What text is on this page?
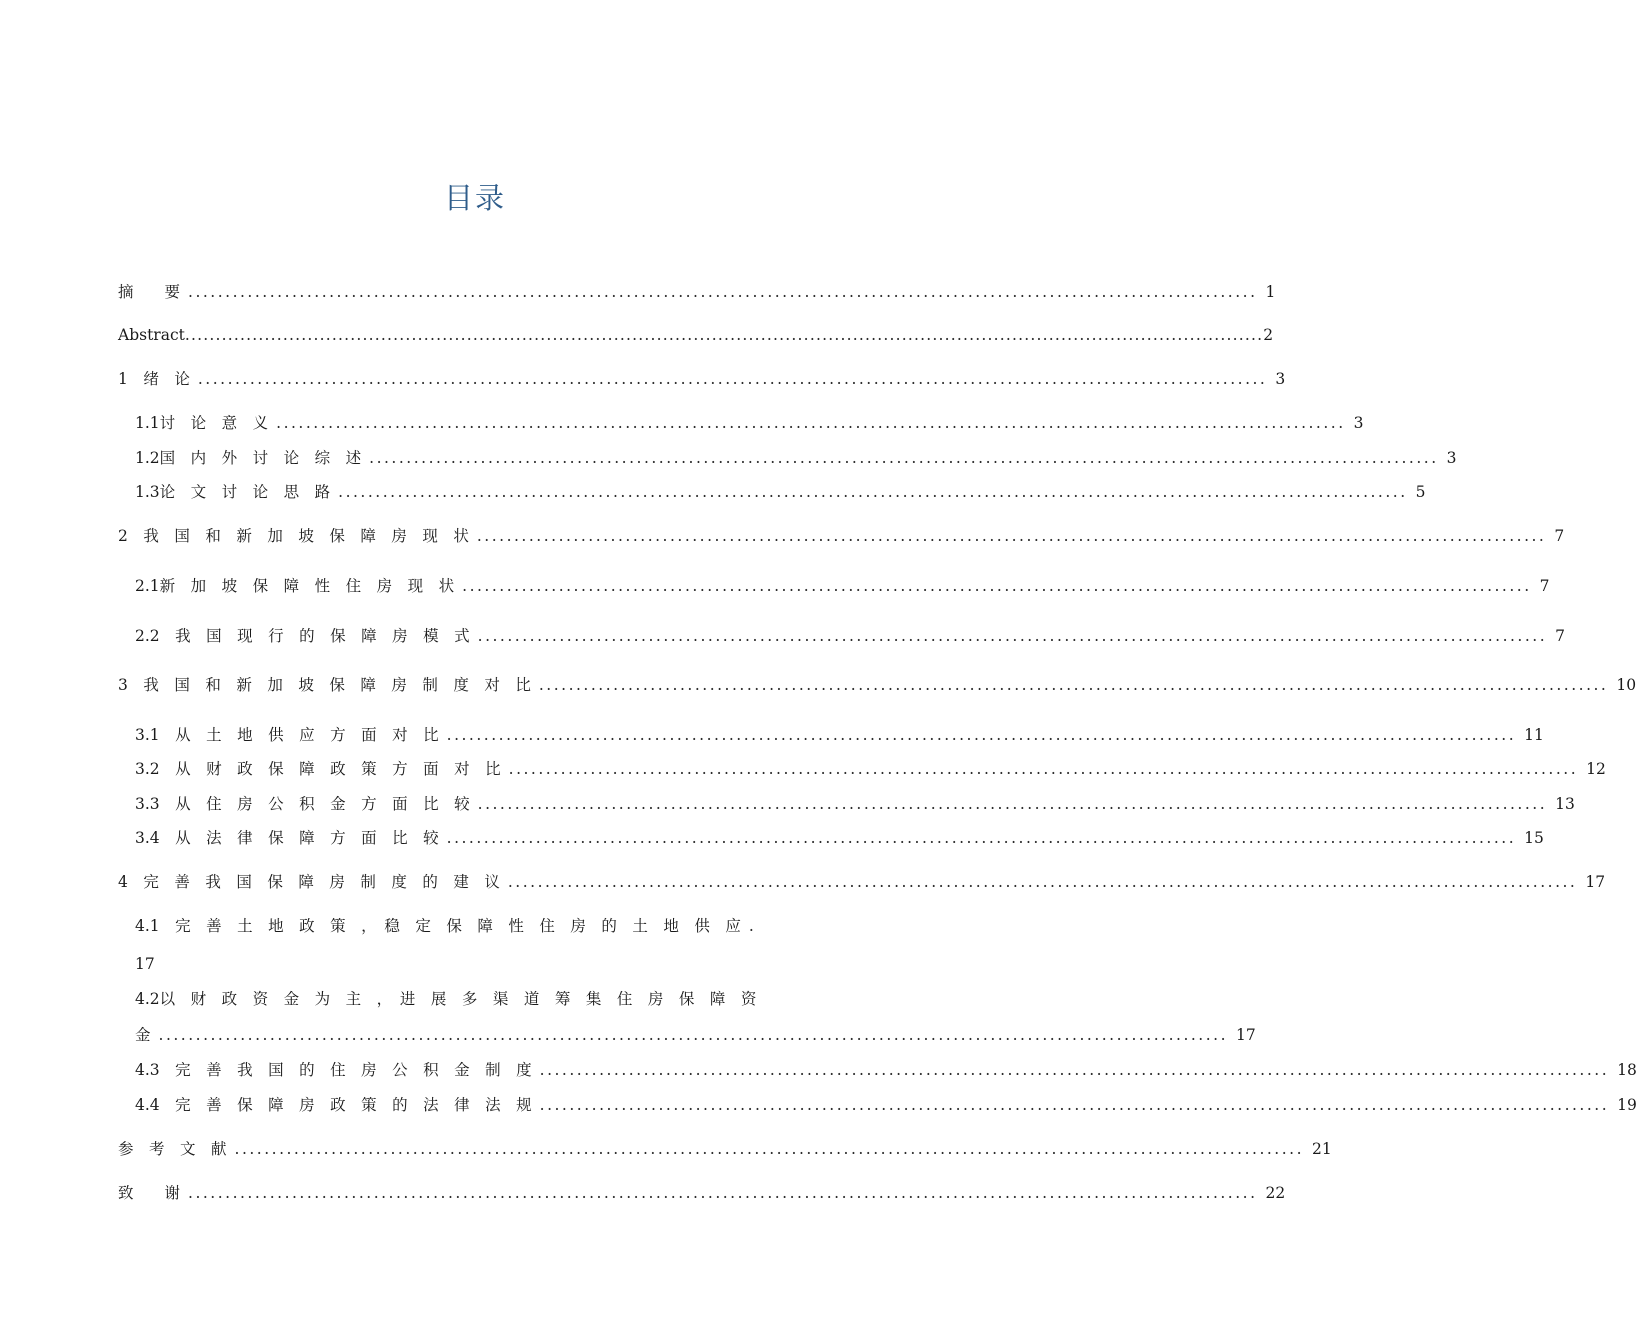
目录
摘　　要 ................................................................................................................................................ 1
Abstract ................................................................................................................................................................................ 2
1　绪　论 ................................................................................................................................................ 3
1.1讨　论　意　义 ................................................................................................................................................ 3
1.2国　内　外　讨　论　综　述 ................................................................................................................................................ 3
1.3论　文　讨　论　思　路 ................................................................................................................................................ 5
2　我　国　和　新　加　坡　保　障　房　现　状 ................................................................................................................................................ 7
2.1新　加　坡　保　障　性　住　房　现　状 ................................................................................................................................................ 7
2.2　我　国　现　行　的　保　障　房　模　式 ................................................................................................................................................ 7
3　我　国　和　新　加　坡　保　障　房　制　度　对　比 ................................................................................................................................................ 10
3.1　从　土　地　供　应　方　面　对　比 ................................................................................................................................................ 11
3.2　从　财　政　保　障　政　策　方　面　对　比 ................................................................................................................................................ 12
3.3　从　住　房　公　积　金　方　面　比　较 ................................................................................................................................................ 13
3.4　从　法　律　保　障　方　面　比　较 ................................................................................................................................................ 15
4　完　善　我　国　保　障　房　制　度　的　建　议 ................................................................................................................................................ 17
4.1　完　善　土　地　政　策　，　稳　定　保　障　性　住　房　的　土　地　供　应 .
17
4.2以　财　政　资　金　为　主　，　进　展　多　渠　道　筹　集　住　房　保　障　资
金 ................................................................................................................................................ 17
4.3　完　善　我　国　的　住　房　公　积　金　制　度 ................................................................................................................................................ 18
4.4　完　善　保　障　房　政　策　的　法　律　法　规 ................................................................................................................................................ 19
参　考　文　献 ................................................................................................................................................ 21
致　　谢 ................................................................................................................................................ 22
